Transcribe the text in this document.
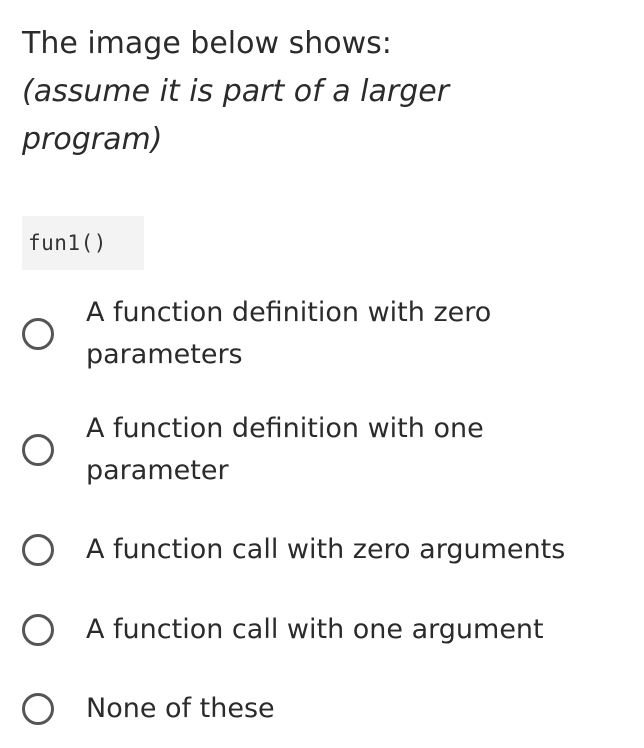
The image below shows:

(assume it is part of a larger

program)

fun1()
A function definition with zero
parameters
A function definition with one
parameter
A function call with zero arguments
A function call with one argument
None of these
